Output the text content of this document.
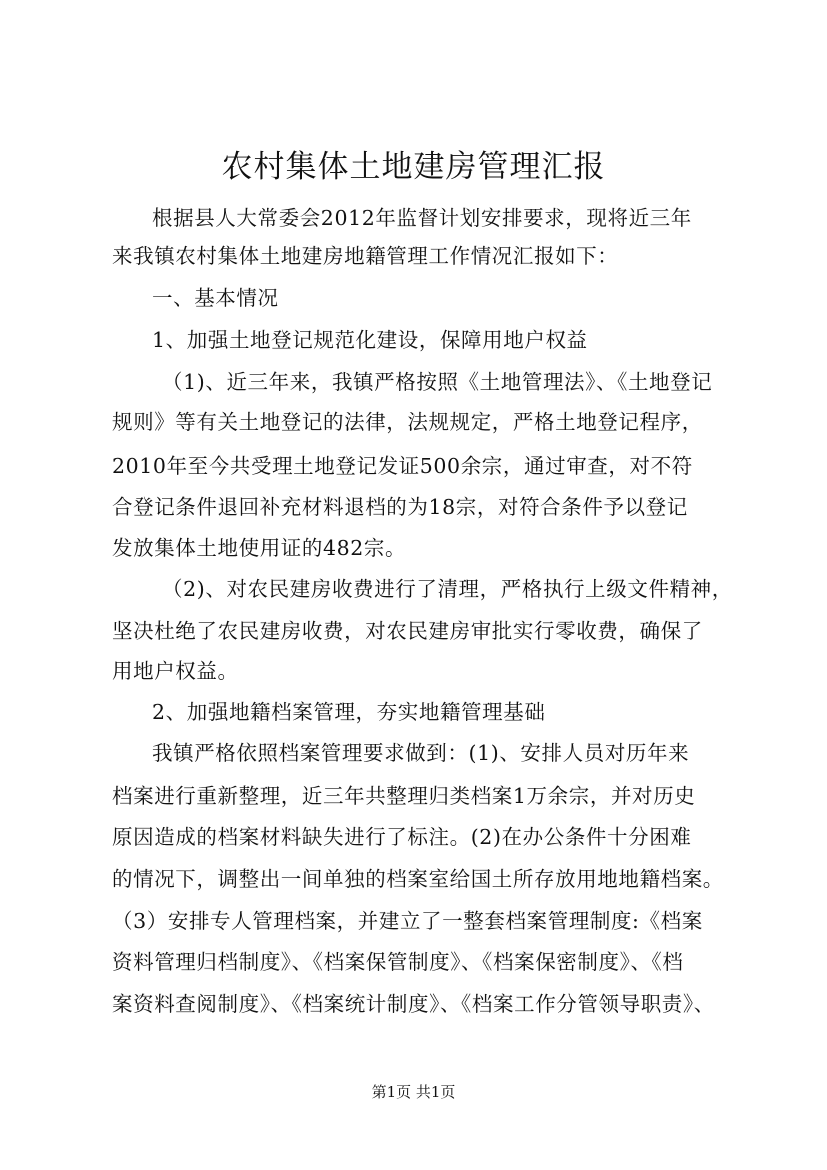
农村集体土地建房管理汇报
根据县人大常委会2012年监督计划安排要求，现将近三年
来我镇农村集体土地建房地籍管理工作情况汇报如下：
一、基本情况
1、加强土地登记规范化建设，保障用地户权益
（1)、近三年来，我镇严格按照《土地管理法》、《土地登记
规则》等有关土地登记的法律，法规规定，严格土地登记程序，
2010年至今共受理土地登记发证500余宗，通过审查，对不符
合登记条件退回补充材料退档的为18宗，对符合条件予以登记
发放集体土地使用证的482宗。
（2)、对农民建房收费进行了清理，严格执行上级文件精神，
坚决杜绝了农民建房收费，对农民建房审批实行零收费，确保了
用地户权益。
2、加强地籍档案管理，夯实地籍管理基础
我镇严格依照档案管理要求做到：(1)、安排人员对历年来
档案进行重新整理，近三年共整理归类档案1万余宗，并对历史
原因造成的档案材料缺失进行了标注。(2)在办公条件十分困难
的情况下，调整出一间单独的档案室给国土所存放用地地籍档案。
（3）安排专人管理档案，并建立了一整套档案管理制度:《档案
资料管理归档制度》、《档案保管制度》、《档案保密制度》、《档
案资料查阅制度》、《档案统计制度》、《档案工作分管领导职责》、
第1页 共1页
